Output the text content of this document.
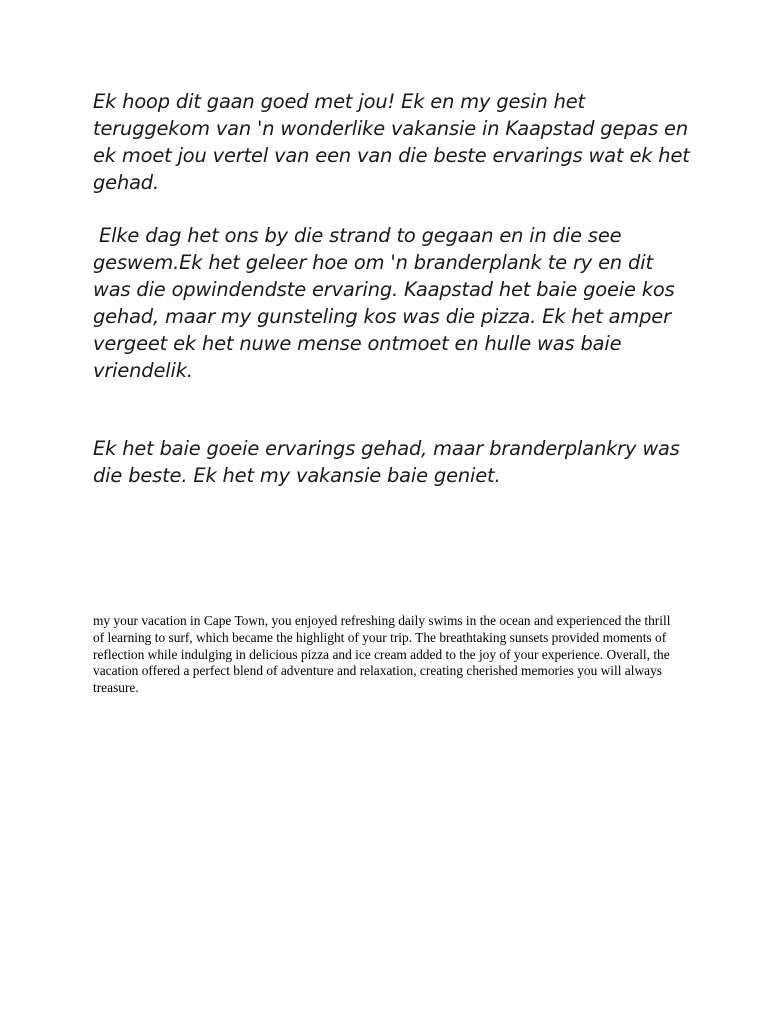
Ek hoop dit gaan goed met jou! Ek en my gesin het teruggekom van 'n wonderlike vakansie in Kaapstad gepas en ek moet jou vertel van een van die beste ervarings wat ek het gehad.

Elke dag het ons by die strand to gegaan en in die see geswem.Ek het geleer hoe om 'n branderplank te ry en dit was die opwindendste ervaring. Kaapstad het baie goeie kos gehad, maar my gunsteling kos was die pizza. Ek het amper vergeet ek het nuwe mense ontmoet en hulle was baie vriendelik.

Ek het baie goeie ervarings gehad, maar branderplankry was die beste. Ek het my vakansie baie geniet.

my your vacation in Cape Town, you enjoyed refreshing daily swims in the ocean and experienced the thrill of learning to surf, which became the highlight of your trip. The breathtaking sunsets provided moments of reflection while indulging in delicious pizza and ice cream added to the joy of your experience. Overall, the vacation offered a perfect blend of adventure and relaxation, creating cherished memories you will always treasure.
